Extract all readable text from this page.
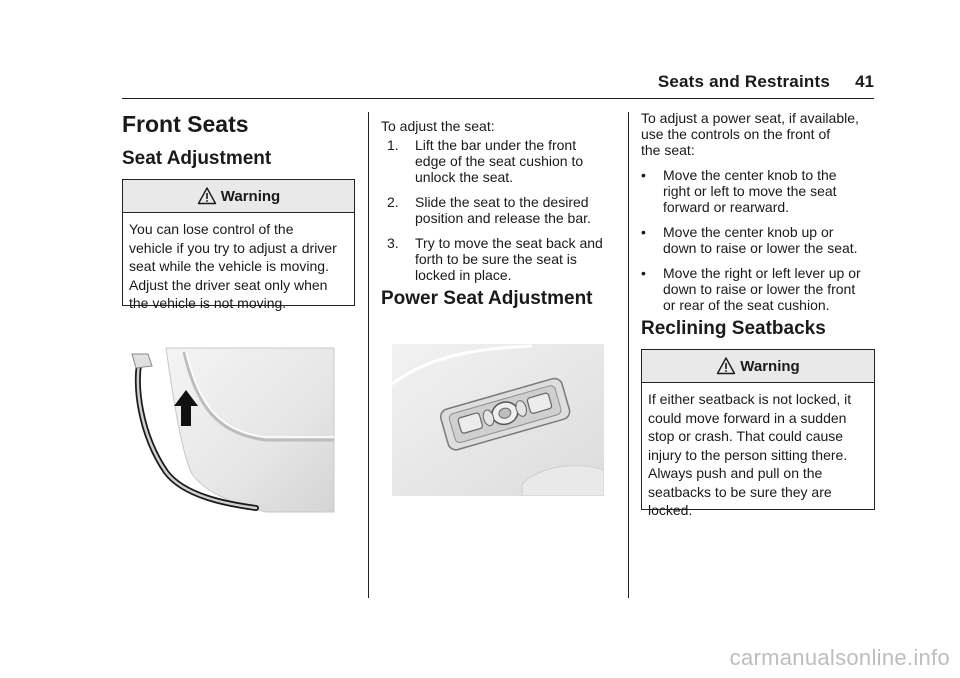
Seats and Restraints	41
Front Seats
Seat Adjustment
Warning
You can lose control of the
vehicle if you try to adjust a driver
seat while the vehicle is moving.
Adjust the driver seat only when
the vehicle is not moving.
To adjust the seat:
1. Lift the bar under the front
edge of the seat cushion to
unlock the seat.
2. Slide the seat to the desired
position and release the bar.
3. Try to move the seat back and
forth to be sure the seat is
locked in place.
Power Seat Adjustment
To adjust a power seat, if available,
use the controls on the front of
the seat:
• Move the center knob to the
right or left to move the seat
forward or rearward.
• Move the center knob up or
down to raise or lower the seat.
• Move the right or left lever up or
down to raise or lower the front
or rear of the seat cushion.
Reclining Seatbacks
Warning
If either seatback is not locked, it
could move forward in a sudden
stop or crash. That could cause
injury to the person sitting there.
Always push and pull on the
seatbacks to be sure they are
locked.
carmanualsonline.info
